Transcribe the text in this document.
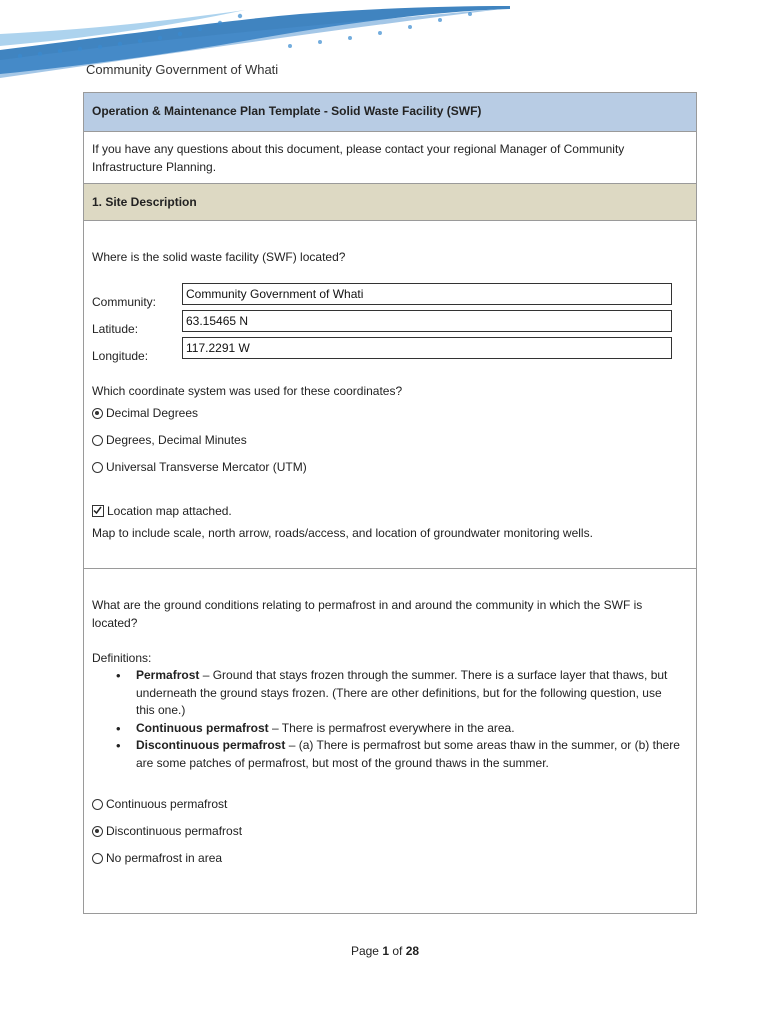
Community Government of Whati
Operation & Maintenance Plan Template - Solid Waste Facility (SWF)

If you have any questions about this document, please contact your regional Manager of Community Infrastructure Planning.

1. Site Description

Where is the solid waste facility (SWF) located?

Community:
Community Government of Whati
Latitude:
63.15465 N
Longitude:
117.2291 W

Which coordinate system was used for these coordinates?

Decimal Degrees
Degrees, Decimal Minutes
Universal Transverse Mercator (UTM)
Location map attached.

Map to include scale, north arrow, roads/access, and location of groundwater monitoring wells.

What are the ground conditions relating to permafrost in and around the community in which the SWF is located?

Definitions:

• Permafrost – Ground that stays frozen through the summer. There is a surface layer that thaws, but underneath the ground stays frozen. (There are other definitions, but for the following question, use this one.)
• Continuous permafrost – There is permafrost everywhere in the area.
• Discontinuous permafrost – (a) There is permafrost but some areas thaw in the summer, or (b) there are some patches of permafrost, but most of the ground thaws in the summer.
Continuous permafrost
Discontinuous permafrost
No permafrost in area
Page 1 of 28
